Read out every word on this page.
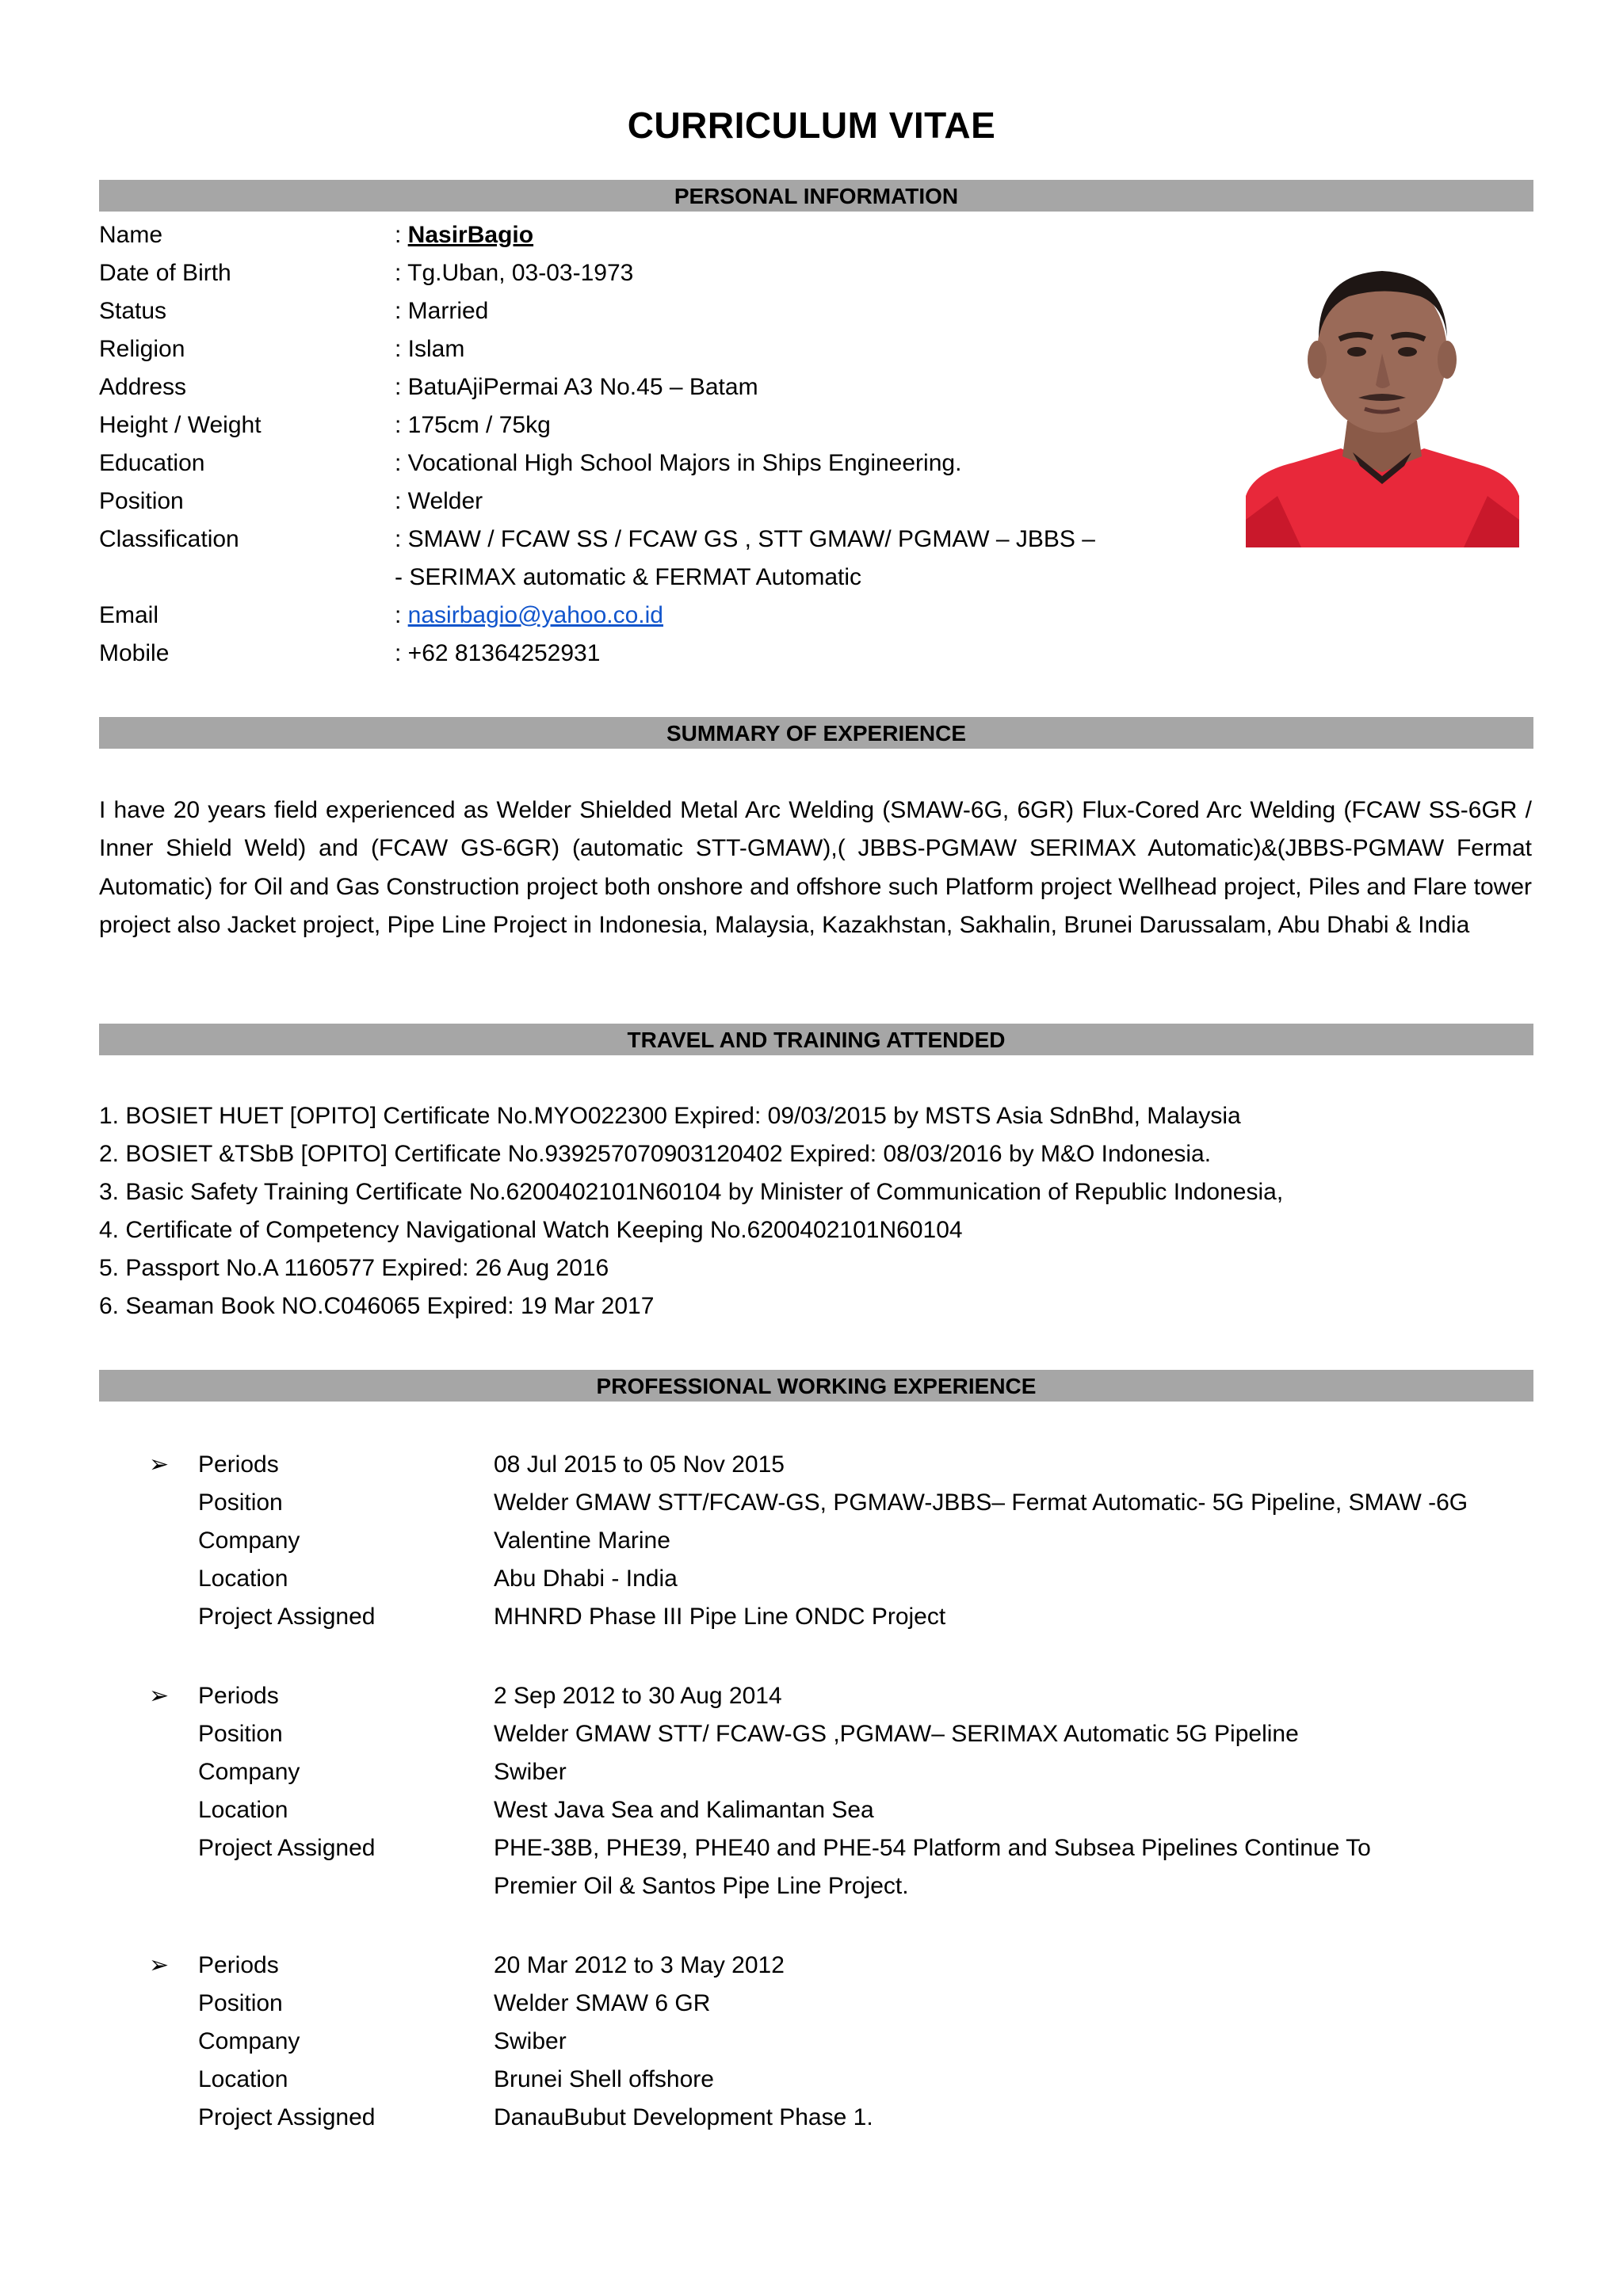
CURRICULUM VITAE
PERSONAL INFORMATION
Name	: NasirBagio
Date of Birth	: Tg.Uban, 03-03-1973
Status	: Married
Religion	: Islam
Address	: BatuAjiPermai A3 No.45 – Batam
Height / Weight	: 175cm / 75kg
Education	: Vocational High School Majors in Ships Engineering.
Position	: Welder
Classification	: SMAW / FCAW SS / FCAW GS , STT GMAW/ PGMAW – JBBS –
- SERIMAX automatic & FERMAT Automatic
Email	: nasirbagio@yahoo.co.id
Mobile	: +62 81364252931
SUMMARY OF EXPERIENCE
I have 20 years field experienced as Welder Shielded Metal Arc Welding (SMAW-6G, 6GR) Flux-Cored Arc Welding (FCAW SS-6GR / Inner Shield Weld) and (FCAW GS-6GR) (automatic STT-GMAW),( JBBS-PGMAW SERIMAX Automatic)&(JBBS-PGMAW Fermat Automatic) for Oil and Gas Construction project both onshore and offshore such Platform project Wellhead project, Piles and Flare tower project also Jacket project, Pipe Line Project in Indonesia, Malaysia, Kazakhstan, Sakhalin, Brunei Darussalam, Abu Dhabi & India
TRAVEL AND TRAINING ATTENDED
1. BOSIET HUET [OPITO] Certificate No.MYO022300 Expired: 09/03/2015 by MSTS Asia SdnBhd, Malaysia
2. BOSIET &TSbB [OPITO] Certificate No.939257070903120402 Expired: 08/03/2016 by M&O Indonesia.
3. Basic Safety Training Certificate No.6200402101N60104 by Minister of Communication of Republic Indonesia,
4. Certificate of Competency Navigational Watch Keeping No.6200402101N60104
5. Passport No.A 1160577 Expired: 26 Aug 2016
6. Seaman Book NO.C046065 Expired: 19 Mar 2017
PROFESSIONAL WORKING EXPERIENCE
➢ Periods	08 Jul 2015 to 05 Nov 2015
Position	Welder GMAW STT/FCAW-GS, PGMAW-JBBS– Fermat Automatic- 5G Pipeline, SMAW -6G
Company	Valentine Marine
Location	Abu Dhabi - India
Project Assigned	MHNRD Phase III Pipe Line ONDC Project
➢ Periods	2 Sep 2012 to 30 Aug 2014
Position	Welder GMAW STT/ FCAW-GS ,PGMAW– SERIMAX Automatic 5G Pipeline
Company	Swiber
Location	West Java Sea and Kalimantan Sea
Project Assigned	PHE-38B, PHE39, PHE40 and PHE-54 Platform and Subsea Pipelines Continue To
Premier Oil & Santos Pipe Line Project.
➢ Periods	20 Mar 2012 to 3 May 2012
Position	Welder SMAW 6 GR
Company	Swiber
Location	Brunei Shell offshore
Project Assigned	DanauBubut Development Phase 1.
